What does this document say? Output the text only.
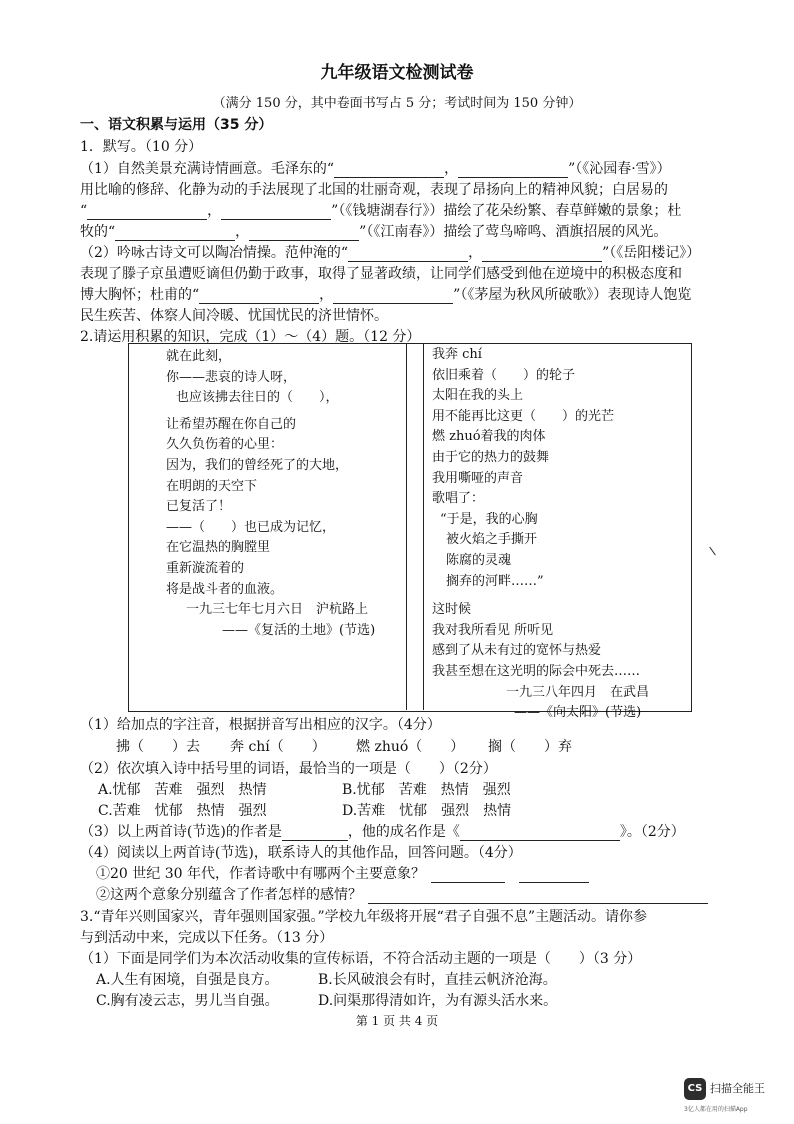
九年级语文检测试卷
（满分 150 分，其中卷面书写占 5 分；考试时间为 150 分钟）
一、语文积累与运用（35 分）
1．默写。（10 分）
（1）自然美景充满诗情画意。毛泽东的“	，	”（《沁园春·雪》）
用比喻的修辞、化静为动的手法展现了北国的壮丽奇观，表现了昂扬向上的精神风貌；白居易的
“	，	”（《钱塘湖春行》）描绘了花朵纷繁、春草鲜嫩的景象；杜
牧的“	，	”（《江南春》）描绘了莺鸟啼鸣、酒旗招展的风光。
（2）吟咏古诗文可以陶冶情操。范仲淹的“	，	”（《岳阳楼记》）
表现了滕子京虽遭贬谪但仍勤于政事，取得了显著政绩，让同学们感受到他在逆境中的积极态度和
博大胸怀；杜甫的“	，	”（《茅屋为秋风所破歌》）表现诗人饱览
民生疾苦、体察人间冷暖、忧国忧民的济世情怀。
2.请运用积累的知识，完成（1）～（4）题。（12 分）
就在此刻，
你——悲哀的诗人呀，
也应该拂去往日的（　　），
让希望苏醒在你自己的
久久负伤着的心里：
因为，我们的曾经死了的大地，
在明朗的天空下
已复活了！
——（　　）也已成为记忆，
在它温热的胸膛里
重新漩流着的
将是战斗者的血液。
一九三七年七月六日　沪杭路上
——《复活的土地》(节选)
我奔 chí
依旧乘着（　　）的轮子
太阳在我的头上
用不能再比这更（　　）的光芒
燃 zhuó着我的肉体
由于它的热力的鼓舞
我用嘶哑的声音
歌唱了：
“于是，我的心胸
被火焰之手撕开
陈腐的灵魂
搁弃的河畔……”
这时候
我对我所看见 所听见
感到了从未有过的宽怀与热爱
我甚至想在这光明的际会中死去……
一九三八年四月　在武昌
——《向太阳》(节选)
（1）给加点的字注音，根据拼音写出相应的汉字。（4分）
拂（　　）去 奔 chí（　　） 燃 zhuó（　　） 搁（　　）弃
（2）依次填入诗中括号里的词语，最恰当的一项是（　　）（2分）
A.忧郁　苦难　强烈　热情	B.忧郁　苦难　热情　强烈
C.苦难　忧郁　热情　强烈	D.苦难　忧郁　强烈　热情
（3）以上两首诗(节选)的作者是	，他的成名作是《	》。（2分）
（4）阅读以上两首诗(节选)，联系诗人的其他作品，回答问题。（4分）
①20 世纪 30 年代，作者诗歌中有哪两个主要意象？
②这两个意象分别蕴含了作者怎样的感情？
3.“青年兴则国家兴，青年强则国家强。”学校九年级将开展“君子自强不息”主题活动。请你参
与到活动中来，完成以下任务。（13 分）
（1）下面是同学们为本次活动收集的宣传标语，不符合活动主题的一项是（　　）（3 分）
A.人生有困境，自强是良方。	B.长风破浪会有时，直挂云帆济沧海。
C.胸有凌云志，男儿当自强。	D.问渠那得清如许，为有源头活水来。
第 1 页 共 4 页
CS 扫描全能王
3亿人都在用的扫描App
